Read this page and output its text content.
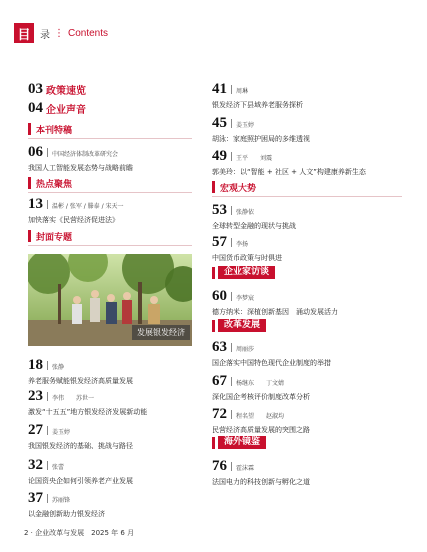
目 录 ⋮ Contents
03 政策速览
04 企业声音
本刊特稿
06 中国经济体制改革研究会
我国人工智能发展态势与战略前瞻
热点聚焦
13 温彬 / 张军 / 滕泰 / 宋天一
加快落实《民营经济促进法》
封面专题
发展银发经济
18 张静
养老服务赋能银发经济高质量发展
23 李伟　　苏世一
激发“十五五”地方银发经济发展新动能
27 姜玉婷
我国银发经济的基础、挑战与路径
32 张蕾
论国资央企如何引领养老产业发展
37 苏丽锋
以金融创新助力银发经济
41 周琳
银发经济下县域养老服务探析
45 姜玉婷
胡泳：家庭照护困局的多维透视
49 王平　　刘震
郭美玲：以“智能 + 社区 + 人文”构建康养新生态
宏观大势
53 张静依
全球转型金融的现状与挑战
57 李扬
中国货币政策与时俱进
企业家访谈
60 李梦宸
德方纳米：深植创新基因　涌动发展活力
改革发展
63 周丽莎
国企落实中国特色现代企业制度的举措
67 杨继东　　丁文婧
深化国企考核评价制度改革分析
72 程名望　　赵淑均
民营经济高质量发展的突围之路
海外镜鉴
76 霍沫霖
法国电力的科技创新与孵化之道
2 · 企业改革与发展　2025 年 6 月
